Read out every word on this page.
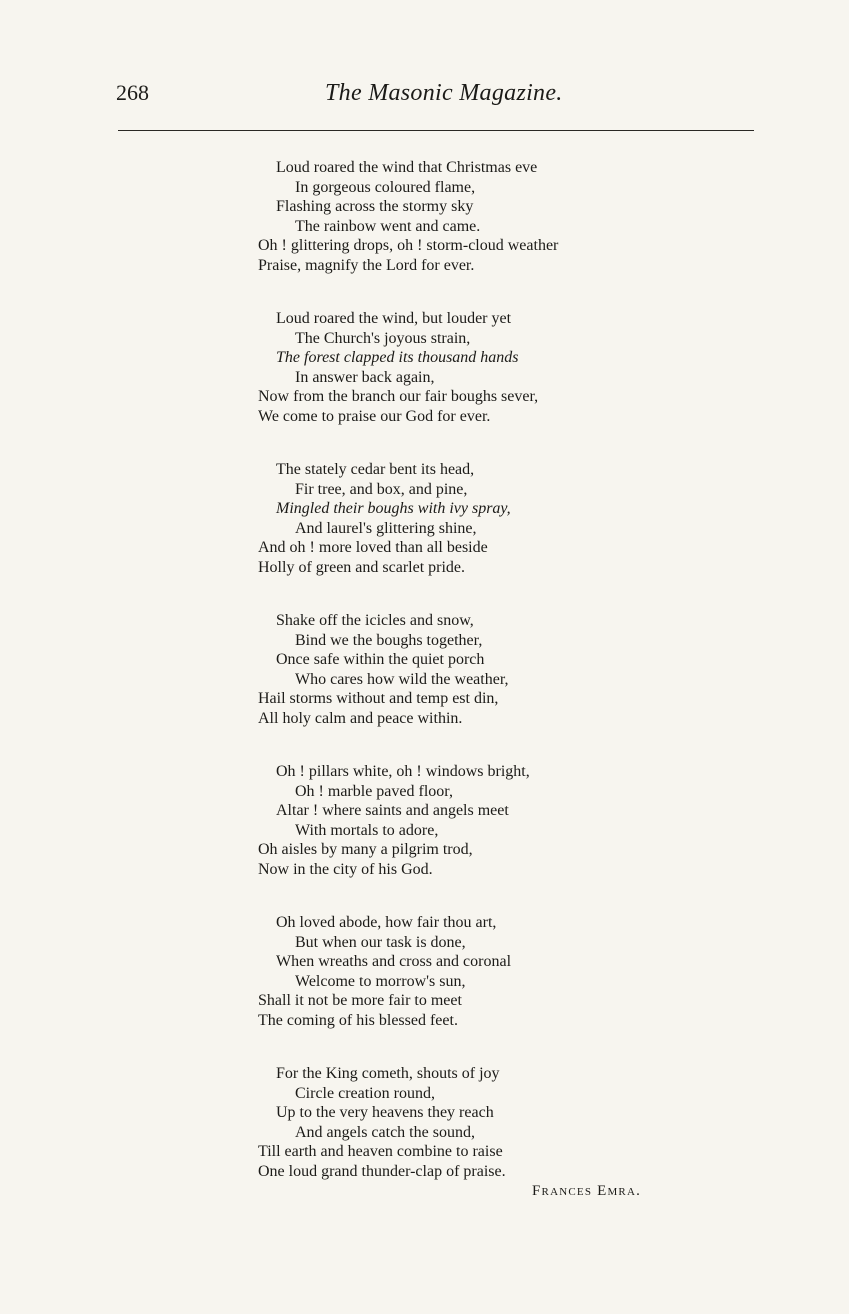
268	The Masonic Magazine.
Loud roared the wind that Christmas eve
In gorgeous coloured flame,
Flashing across the stormy sky
The rainbow went and came.
Oh ! glittering drops, oh ! storm-cloud weather
Praise, magnify the Lord for ever.
Loud roared the wind, but louder yet
The Church's joyous strain,
The forest clapped its thousand hands
In answer back again,
Now from the branch our fair boughs sever,
We come to praise our God for ever.
The stately cedar bent its head,
Fir tree, and box, and pine,
Mingled their boughs with ivy spray,
And laurel's glittering shine,
And oh ! more loved than all beside
Holly of green and scarlet pride.
Shake off the icicles and snow,
Bind we the boughs together,
Once safe within the quiet porch
Who cares how wild the weather,
Hail storms without and temp est din,
All holy calm and peace within.
Oh ! pillars white, oh ! windows bright,
Oh ! marble paved floor,
Altar ! where saints and angels meet
With mortals to adore,
Oh aisles by many a pilgrim trod,
Now in the city of his God.
Oh loved abode, how fair thou art,
But when our task is done,
When wreaths and cross and coronal
Welcome to morrow's sun,
Shall it not be more fair to meet
The coming of his blessed feet.
For the King cometh, shouts of joy
Circle creation round,
Up to the very heavens they reach
And angels catch the sound,
Till earth and heaven combine to raise
One loud grand thunder-clap of praise.
Frances Emra.
